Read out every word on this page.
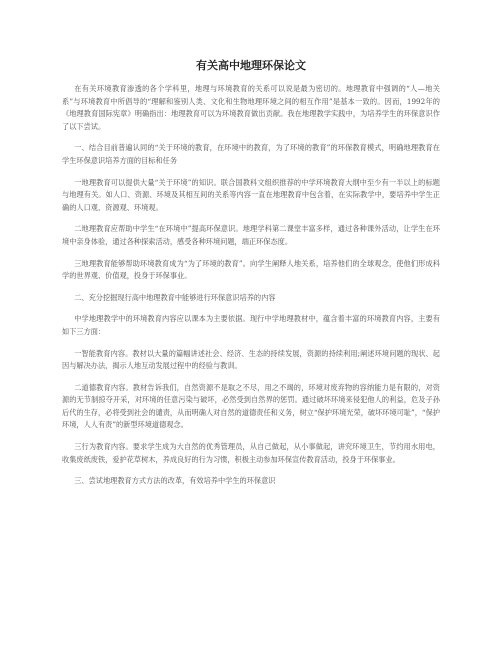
有关高中地理环保论文

在有关环境教育渗透的各个学科里，地理与环境教育的关系可以说是最为密切的。地理教育中强调的“人—地关系”与环境教育中所倡导的“理解和鉴别人类、文化和生物地理环境之间的相互作用”是基本一致的。因而，1992年的《地理教育国际宪章》明确指出：地理教育可以为环境教育做出贡献。我在地理教学实践中，为培养学生的环保意识作了以下尝试。

一、结合目前普遍认同的“关于环境的教育，在环境中的教育，为了环境的教育”的环保教育模式，明确地理教育在学生环保意识培养方面的目标和任务

一地理教育可以提供大量“关于环境”的知识。联合国教科文组织推荐的中学环境教育大纲中至少有一半以上的标题与地理有关。如人口、资源、环境及其相互间的关系等内容一直在地理教育中包含着，在实际教学中，要培养中学生正确的人口观、资源观、环境观。

二地理教育应帮助中学生“在环境中”提高环保意识。地理学科第二课堂丰富多样，通过各种课外活动，让学生在环境中亲身体验，通过各种探索活动，感受各种环境问题，端正环保态度。

三地理教育能够帮助环境教育成为“为了环境的教育”。向学生阐释人地关系，培养他们的全球观念，使他们形成科学的世界观、价值观，投身于环保事业。

二、充分挖掘现行高中地理教育中能够进行环保意识培养的内容

中学地理教学中的环境教育内容应以课本为主要依据。现行中学地理教材中，蕴含着丰富的环境教育内容，主要有如下三方面：

一智能教育内容。教材以大量的篇幅讲述社会、经济、生态的持续发展，资源的持续利用;阐述环境问题的现状、起因与解决办法，揭示人地互动发展过程中的经验与教训。

二道德教育内容。教材告诉我们，自然资源不是取之不尽，用之不竭的，环境对废弃物的容纳能力是有限的，对资源的无节制掠夺开采，对环境的任意污染与破坏，必然受到自然界的惩罚。通过破坏环境来侵犯他人的利益，危及子孙后代的生存，必将受到社会的谴责，从而明确人对自然的道德责任和义务，树立“保护环境光荣，破坏环境可耻”，“保护环境，人人有责”的新型环境道德观念。

三行为教育内容。要求学生成为大自然的优秀管理员，从自己做起，从小事做起，讲究环境卫生，节约用水用电，收集废纸废铁，爱护花草树木，养成良好的行为习惯，积极主动参加环保宣传教育活动，投身于环保事业。

三、尝试地理教育方式方法的改革，有效培养中学生的环保意识
